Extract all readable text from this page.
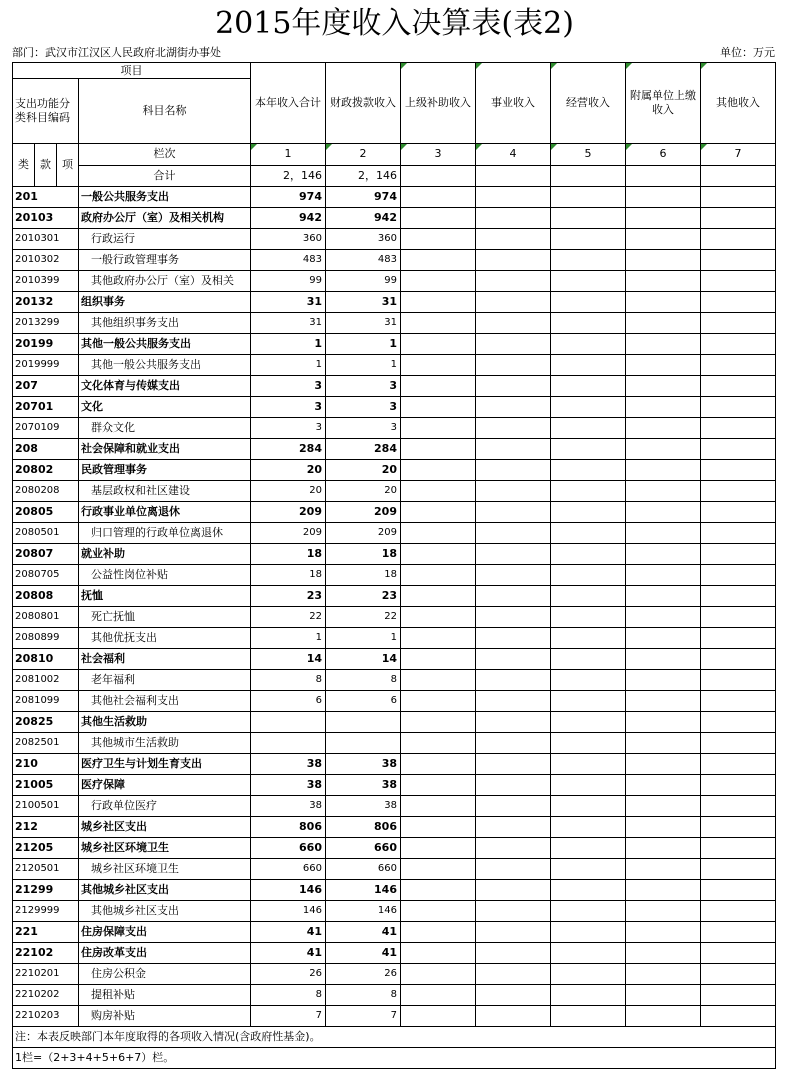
2015年度收入决算表(表2)
部门：武汉市江汉区人民政府北湖街办事处	单位：万元
项目				本年收入合计	财政拨款收入	上级补助收入	事业收入	经营收入	附属单位上缴收入	其他收入
支出功能分类科目编码			科目名称							
类	款	项	栏次	1	2	3	4	5	6	7
			合计	2，146	2，146					
201			一般公共服务支出	974	974					
20103			政府办公厅（室）及相关机构	942	942					
2010301			行政运行	360	360					
2010302			一般行政管理事务	483	483					
2010399			其他政府办公厅（室）及相关	99	99					
20132			组织事务	31	31					
2013299			其他组织事务支出	31	31					
20199			其他一般公共服务支出	1	1					
2019999			其他一般公共服务支出	1	1					
207			文化体育与传媒支出	3	3					
20701			文化	3	3					
2070109			群众文化	3	3					
208			社会保障和就业支出	284	284					
20802			民政管理事务	20	20					
2080208			基层政权和社区建设	20	20					
20805			行政事业单位离退休	209	209					
2080501			归口管理的行政单位离退休	209	209					
20807			就业补助	18	18					
2080705			公益性岗位补贴	18	18					
20808			抚恤	23	23					
2080801			死亡抚恤	22	22					
2080899			其他优抚支出	1	1					
20810			社会福利	14	14					
2081002			老年福利	8	8					
2081099			其他社会福利支出	6	6					
20825			其他生活救助							
2082501			其他城市生活救助							
210			医疗卫生与计划生育支出	38	38					
21005			医疗保障	38	38					
2100501			行政单位医疗	38	38					
212			城乡社区支出	806	806					
21205			城乡社区环境卫生	660	660					
2120501			城乡社区环境卫生	660	660					
21299			其他城乡社区支出	146	146					
2129999			其他城乡社区支出	146	146					
221			住房保障支出	41	41					
22102			住房改革支出	41	41					
2210201			住房公积金	26	26					
2210202			提租补贴	8	8					
2210203			购房补贴	7	7					
注：本表反映部门本年度取得的各项收入情况(含政府性基金)。										
1栏=（2+3+4+5+6+7）栏。										
